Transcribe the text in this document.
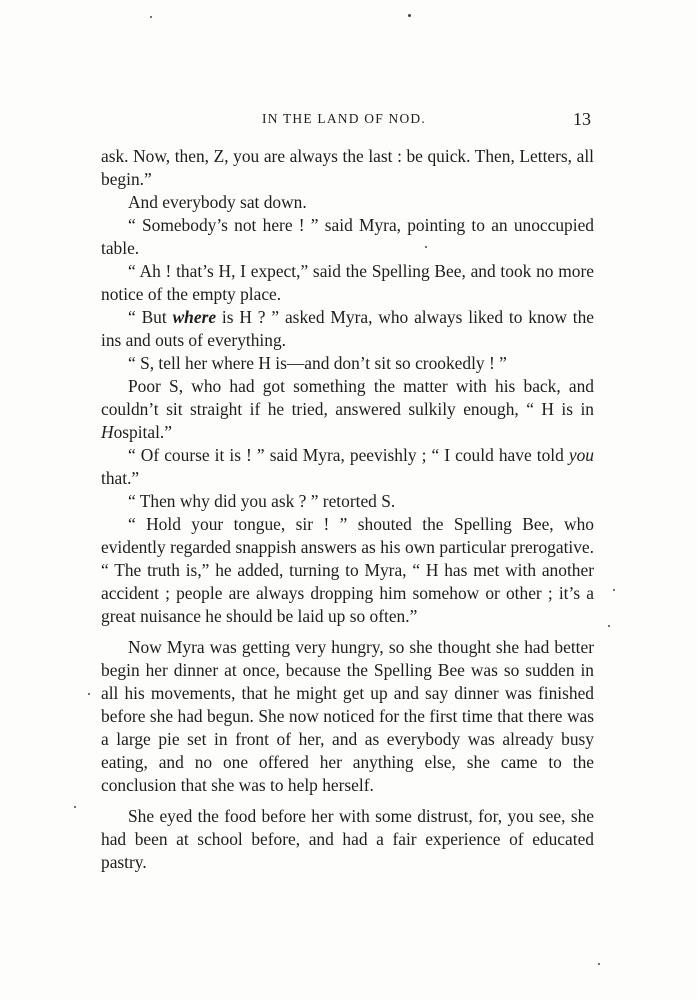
IN THE LAND OF NOD.	13

ask. Now, then, Z, you are always the last : be quick. Then, Letters, all begin.”

And everybody sat down.

“ Somebody’s not here ! ” said Myra, pointing to an unoccupied table.

“ Ah ! that’s H, I expect,” said the Spelling Bee, and took no more notice of the empty place.

“ But where is H ? ” asked Myra, who always liked to know the ins and outs of everything.

“ S, tell her where H is—and don’t sit so crookedly ! ”

Poor S, who had got something the matter with his back, and couldn’t sit straight if he tried, answered sulkily enough, “ H is in Hospital.”

“ Of course it is ! ” said Myra, peevishly ; “ I could have told you that.”

“ Then why did you ask ? ” retorted S.

“ Hold your tongue, sir ! ” shouted the Spelling Bee, who evidently regarded snappish answers as his own particular prerogative. “ The truth is,” he added, turning to Myra, “ H has met with another accident ; people are always dropping him somehow or other ; it’s a great nuisance he should be laid up so often.”

Now Myra was getting very hungry, so she thought she had better begin her dinner at once, because the Spelling Bee was so sudden in all his movements, that he might get up and say dinner was finished before she had begun. She now noticed for the first time that there was a large pie set in front of her, and as everybody was already busy eating, and no one offered her anything else, she came to the conclusion that she was to help herself.

She eyed the food before her with some distrust, for, you see, she had been at school before, and had a fair experience of educated pastry.
